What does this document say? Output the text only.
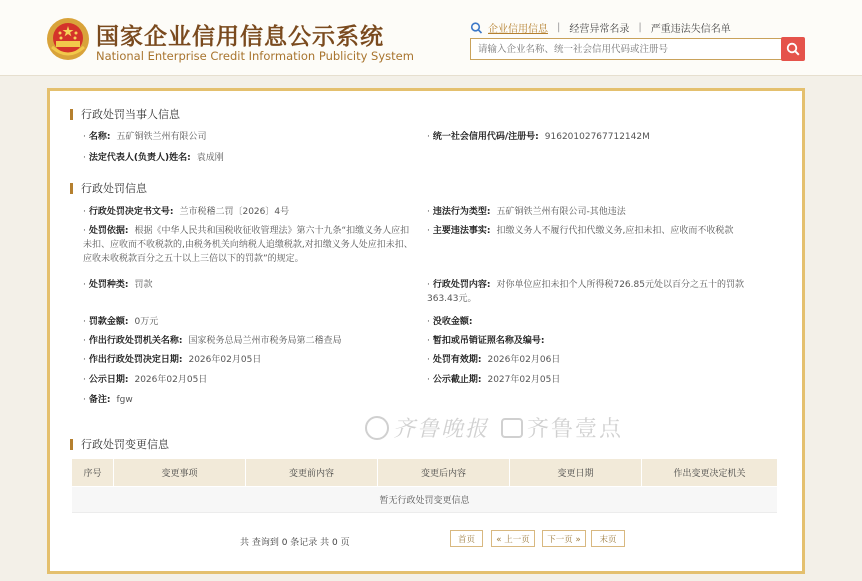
国家企业信用信息公示系统
National Enterprise Credit Information Publicity System
企业信用信息 | 经营异常名录 | 严重违法失信名单
请输入企业名称、统一社会信用代码或注册号
行政处罚当事人信息
· 名称: 五矿铜铁兰州有限公司	· 统一社会信用代码/注册号: 91620102767712142M
· 法定代表人(负责人)姓名: 袁成刚
行政处罚信息
· 行政处罚决定书文号: 兰市税稽二罚〔2026〕4号	· 违法行为类型: 五矿铜铁兰州有限公司-其他违法
· 处罚依据: 根据《中华人民共和国税收征收管理法》第六十九条“扣缴义务人应扣未扣、应收而不收税款的,由税务机关向纳税人追缴税款,对扣缴义务人处应扣未扣、应收未收税款百分之五十以上三倍以下的罚款”的规定。
· 主要违法事实: 扣缴义务人不履行代扣代缴义务,应扣未扣、应收而不收税款
· 处罚种类: 罚款	· 行政处罚内容: 对你单位应扣未扣个人所得税726.85元处以百分之五十的罚款363.43元。
· 罚款金额: 0万元	· 没收金额:
· 作出行政处罚机关名称: 国家税务总局兰州市税务局第二稽查局	· 暂扣或吊销证照名称及编号:
· 作出行政处罚决定日期: 2026年02月05日	· 处罚有效期: 2026年02月06日
· 公示日期: 2026年02月05日	· 公示截止期: 2027年02月05日
· 备注: fgw
行政处罚变更信息
序号	变更事项	变更前内容	变更后内容	变更日期	作出变更决定机关
暂无行政处罚变更信息
共 查询到 0 条记录 共 0 页	首页	« 上一页	下一页 »	末页
齐鲁晚报 齐鲁壹点
